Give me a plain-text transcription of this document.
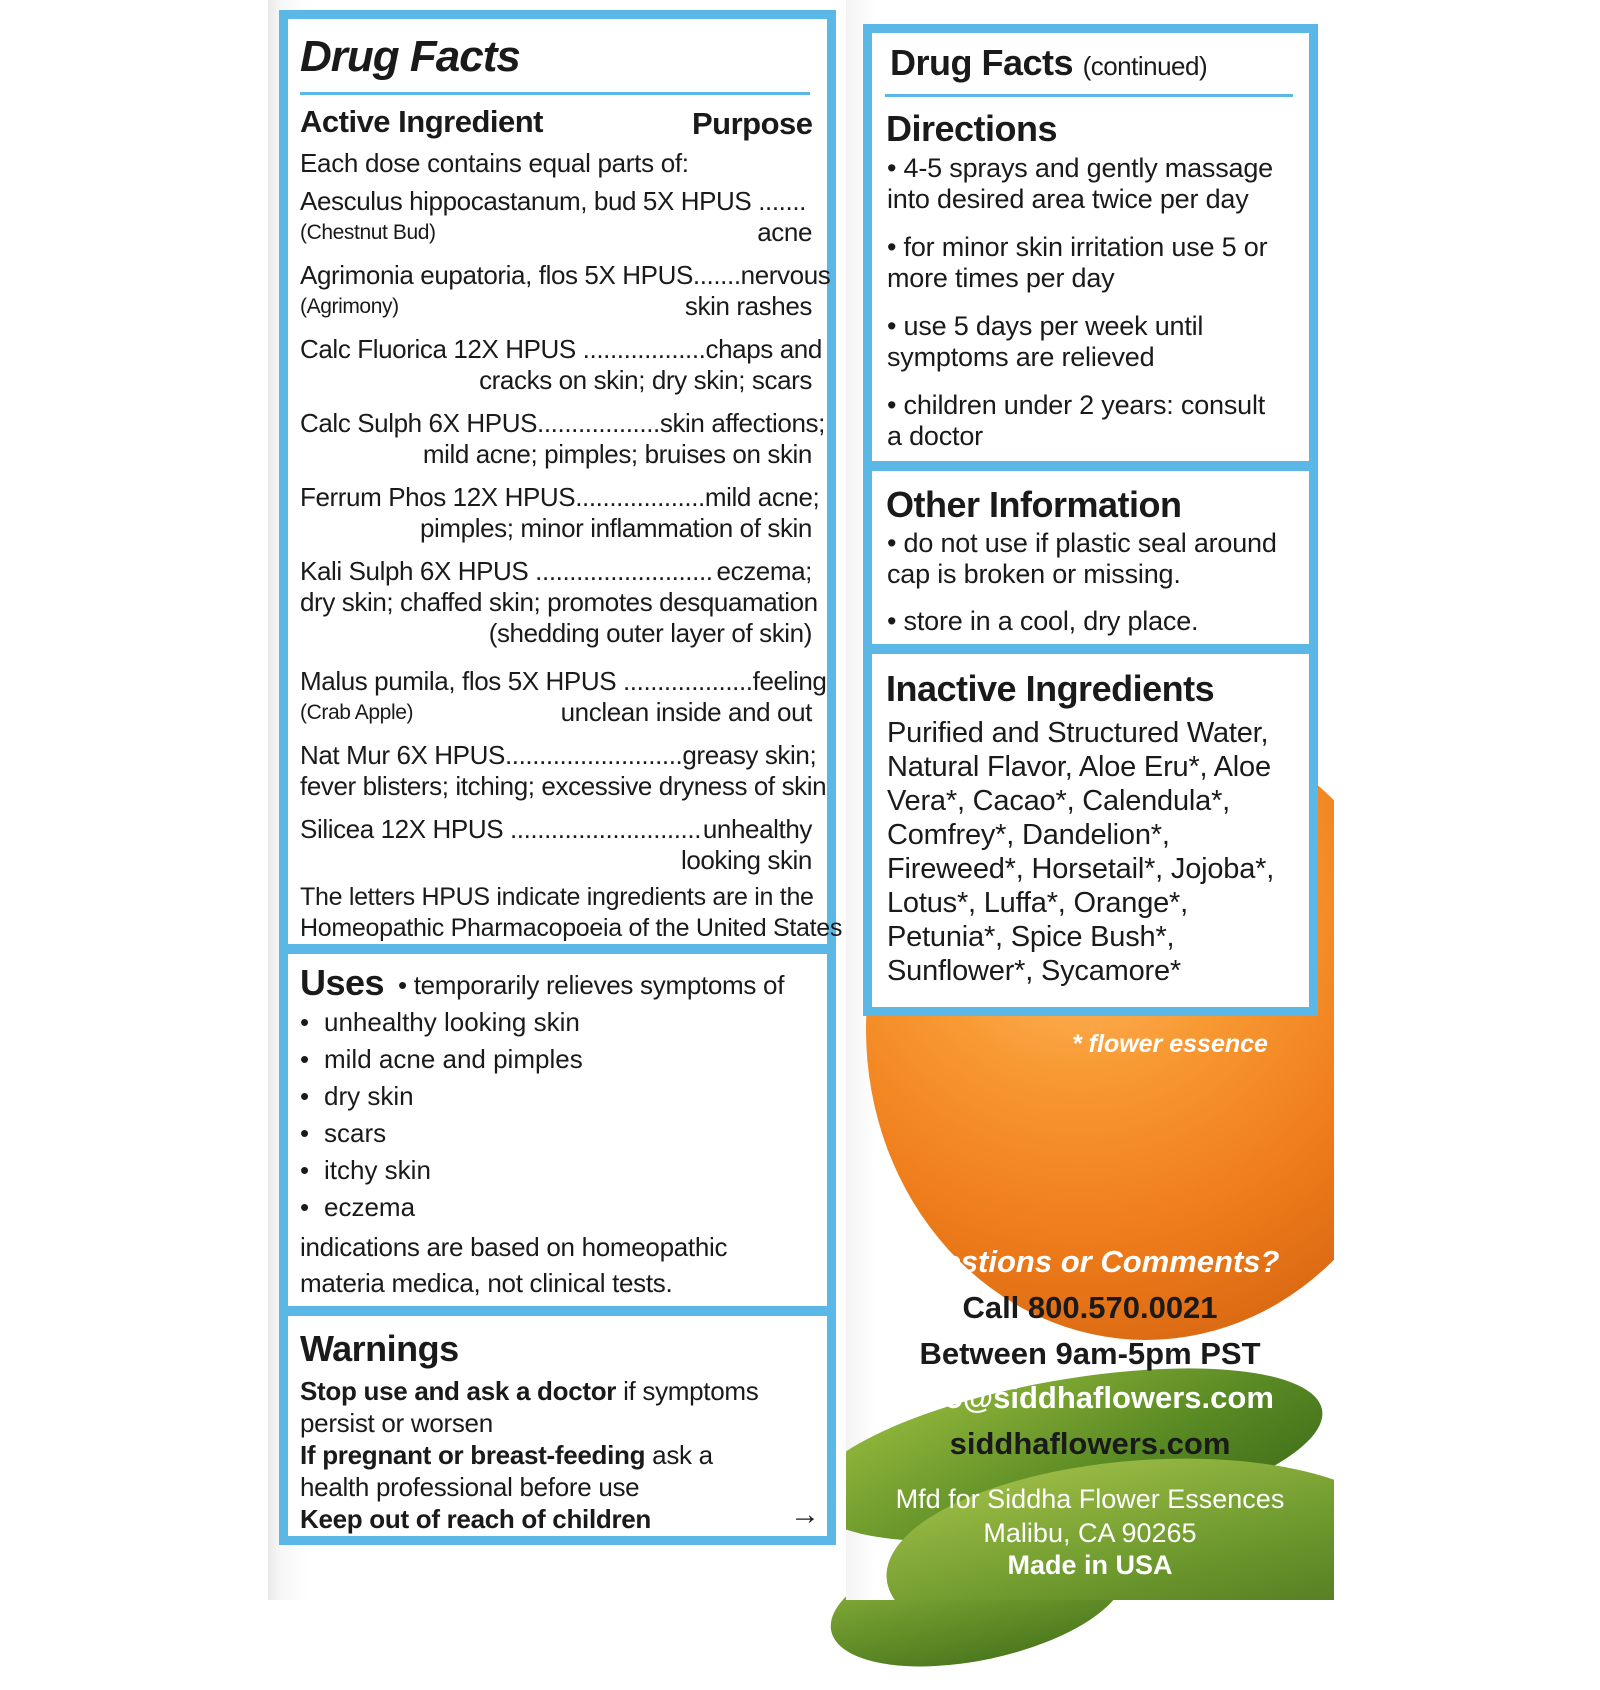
Drug Facts

Active Ingredient	Purpose

Each dose contains equal parts of:

Aesculus hippocastanum, bud 5X HPUS .......
(Chestnut Bud)	acne
Agrimonia eupatoria, flos 5X HPUS....... nervous
(Agrimony)	skin rashes
Calc Fluorica 12X HPUS .................. chaps and
cracks on skin; dry skin; scars
Calc Sulph 6X HPUS.................. skin affections;
mild acne; pimples; bruises on skin
Ferrum Phos 12X HPUS................... mild acne;
pimples; minor inflammation of skin
Kali Sulph 6X HPUS .......................... eczema;
dry skin; chaffed skin; promotes desquamation
(shedding outer layer of skin)
Malus pumila, flos 5X HPUS ................... feeling
(Crab Apple)	unclean inside and out
Nat Mur 6X HPUS.......................... greasy skin;
fever blisters; itching; excessive dryness of skin
Silicea 12X HPUS ............................ unhealthy
looking skin

The letters HPUS indicate ingredients are in the

Homeopathic Pharmacopoeia of the United States

Uses • temporarily relieves symptoms of

• unhealthy looking skin
• mild acne and pimples
• dry skin
• scars
• itchy skin
• eczema

indications are based on homeopathic

materia medica, not clinical tests.

Warnings

Stop use and ask a doctor if symptoms

persist or worsen

If pregnant or breast-feeding ask a

health professional before use

Keep out of reach of children	→

Drug Facts (continued)

Directions

• 4-5 sprays and gently massage

into desired area twice per day

• for minor skin irritation use 5 or

more times per day

• use 5 days per week until

symptoms are relieved

• children under 2 years: consult

a doctor

Other Information

• do not use if plastic seal around

cap is broken or missing.

• store in a cool, dry place.

Inactive Ingredients

Purified and Structured Water,

Natural Flavor, Aloe Eru*, Aloe

Vera*, Cacao*, Calendula*,

Comfrey*, Dandelion*,

Fireweed*, Horsetail*, Jojoba*,

Lotus*, Luffa*, Orange*,

Petunia*, Spice Bush*,

Sunflower*, Sycamore*

* flower essence

Questions or Comments?
Call 800.570.0021
Between 9am-5pm PST
info@siddhaflowers.com
siddhaflowers.com
Mfd for Siddha Flower Essences
Malibu, CA 90265
Made in USA
